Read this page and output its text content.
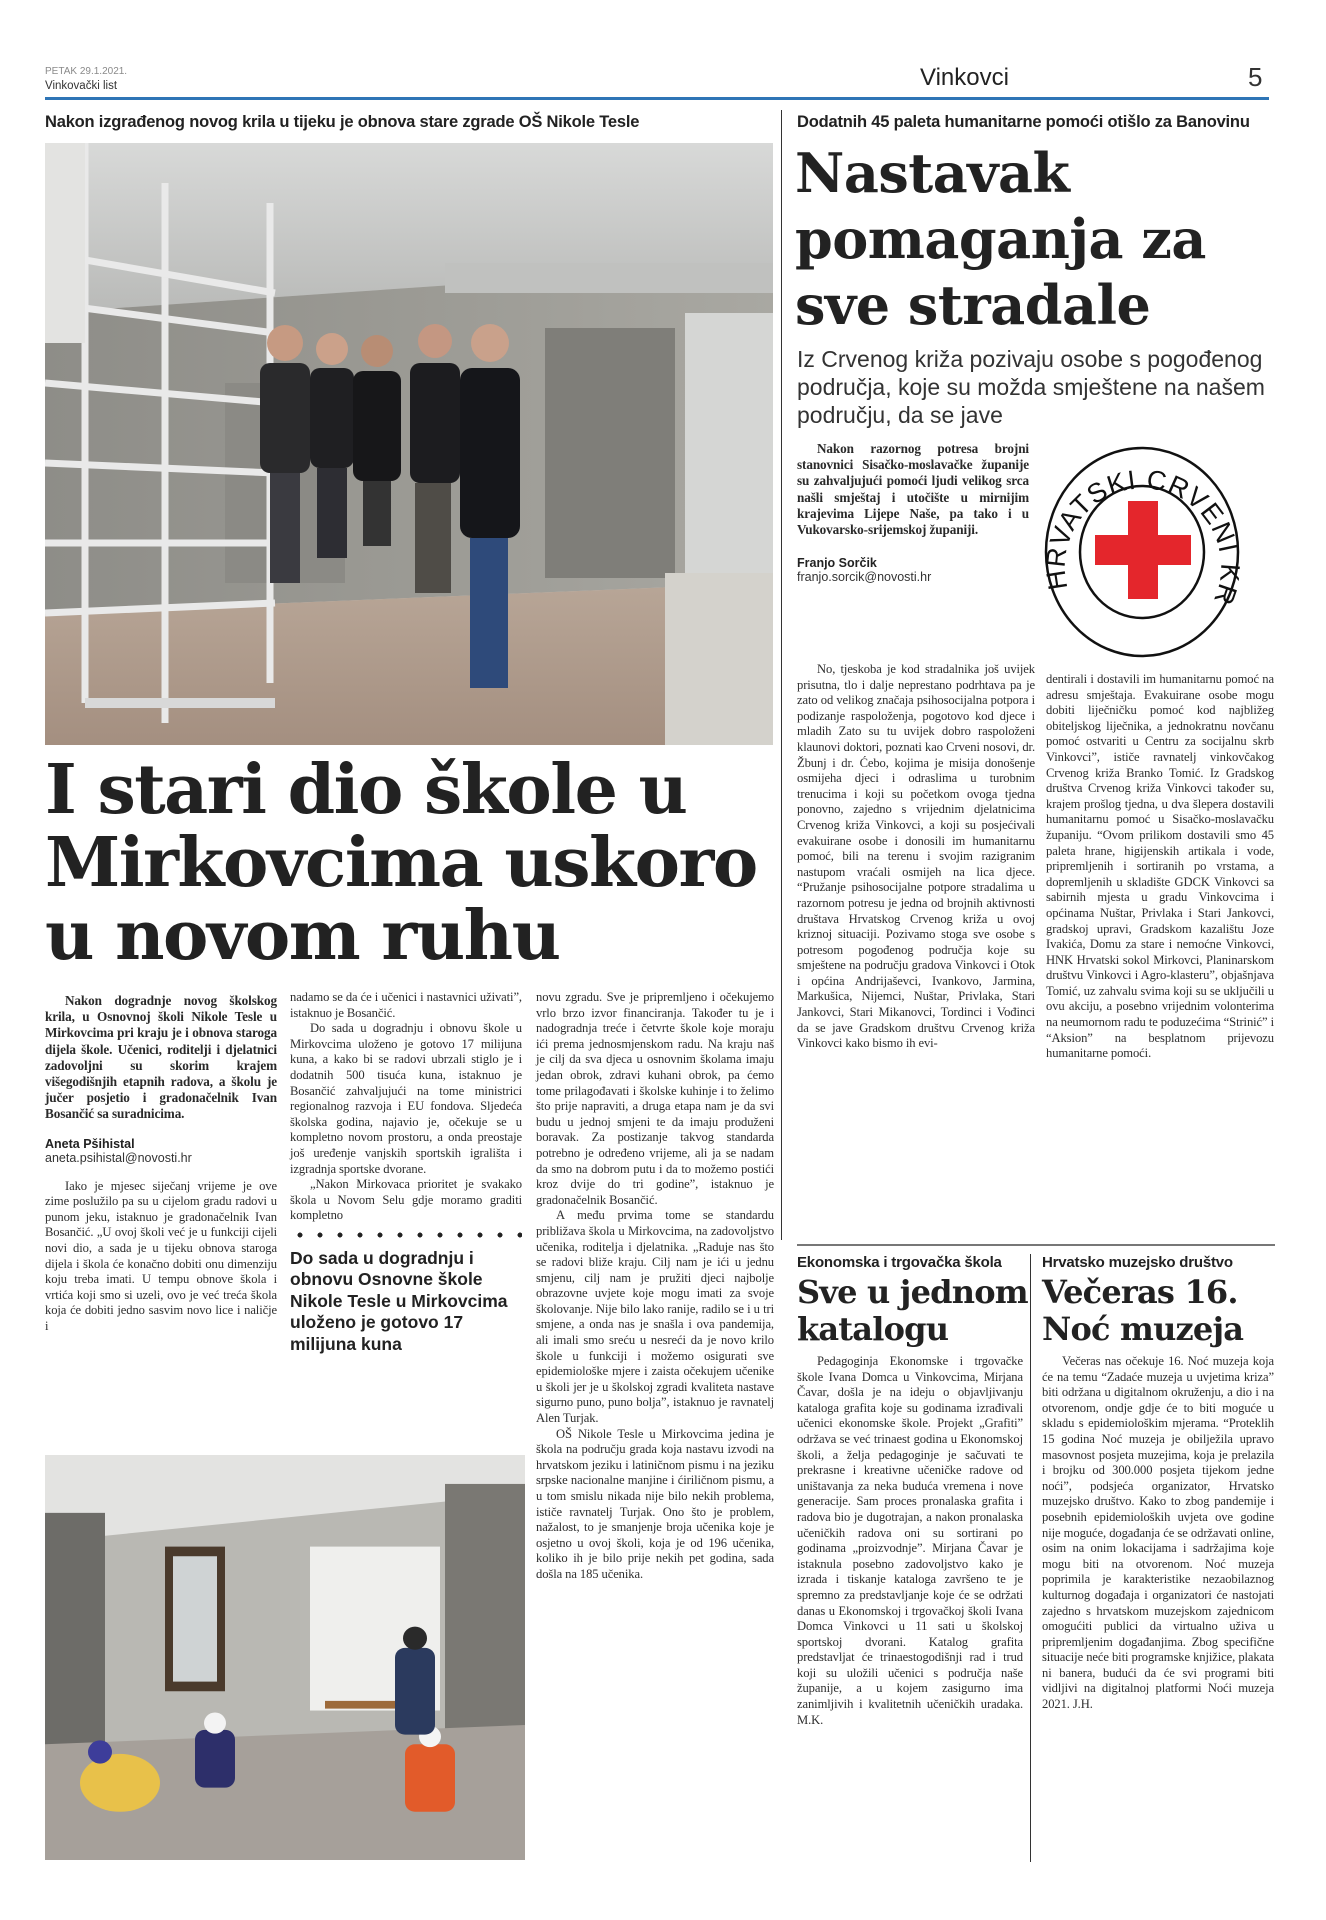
PETAK 29.1.2021.
Vinkovački list	Vinkovci	5
Nakon izgrađenog novog krila u tijeku je obnova stare zgrade OŠ Nikole Tesle
I stari dio škole u
Mirkovcima uskoro
u novom ruhu

Nakon dogradnje novog školskog krila, u Osnovnoj školi Nikole Tesle u Mirkovcima pri kraju je i obnova staroga dijela škole. Učenici, roditelji i djelatnici zadovoljni su skorim krajem višegodišnjih etapnih radova, a školu je jučer posjetio i gradonačelnik Ivan Bosančić sa suradnicima.

Aneta Pšihistal
aneta.psihistal@novosti.hr

Iako je mjesec siječanj vrijeme je ove zime poslužilo pa su u cijelom gradu radovi u punom jeku, istaknuo je gradonačelnik Ivan Bosančić. „U ovoj školi već je u funkciji cijeli novi dio, a sada je u tijeku obnova staroga dijela i škola će konačno dobiti onu dimenziju koju treba imati. U tempu obnove škola i vrtića koji smo si uzeli, ovo je već treća škola koja će dobiti jedno sasvim novo lice i naličje i

nadamo se da će i učenici i nastavnici uživati”, istaknuo je Bosančić.

Do sada u dogradnju i obnovu škole u Mirkovcima uloženo je gotovo 17 milijuna kuna, a kako bi se radovi ubrzali stiglo je i dodatnih 500 tisuća kuna, istaknuo je Bosančić zahvaljujući na tome ministrici regionalnog razvoja i EU fondova. Sljedeća školska godina, najavio je, očekuje se u kompletno novom prostoru, a onda preostaje još uređenje vanjskih sportskih igrališta i izgradnja sportske dvorane.

„Nakon Mirkovaca prioritet je svakako škola u Novom Selu gdje moramo graditi kompletno

Do sada u dogradnju i obnovu Osnovne škole Nikole Tesle u Mirkovcima uloženo je gotovo 17 milijuna kuna

novu zgradu. Sve je pripremljeno i očekujemo vrlo brzo izvor financiranja. Također tu je i nadogradnja treće i četvrte škole koje moraju ići prema jednosmjenskom radu. Na kraju naš je cilj da sva djeca u osnovnim školama imaju jedan obrok, zdravi kuhani obrok, pa ćemo tome prilagođavati i školske kuhinje i to želimo što prije napraviti, a druga etapa nam je da svi budu u jednoj smjeni te da imaju produženi boravak. Za postizanje takvog standarda potrebno je određeno vrijeme, ali ja se nadam da smo na dobrom putu i da to možemo postići kroz dvije do tri godine”, istaknuo je gradonačelnik Bosančić.

A među prvima tome se standardu približava škola u Mirkovcima, na zadovoljstvo učenika, roditelja i djelatnika. „Raduje nas što se radovi bliže kraju. Cilj nam je ići u jednu smjenu, cilj nam je pružiti djeci najbolje obrazovne uvjete koje mogu imati za svoje školovanje. Nije bilo lako ranije, radilo se i u tri smjene, a onda nas je snašla i ova pandemija, ali imali smo sreću u nesreći da je novo krilo škole u funkciji i možemo osigurati sve epidemiološke mjere i zaista očekujem učenike u školi jer je u školskoj zgradi kvaliteta nastave sigurno puno, puno bolja”, istaknuo je ravnatelj Alen Turjak.

OŠ Nikole Tesle u Mirkovcima jedina je škola na području grada koja nastavu izvodi na hrvatskom jeziku i latiničnom pismu i na jeziku srpske nacionalne manjine i ćiriličnom pismu, a u tom smislu nikada nije bilo nekih problema, ističe ravnatelj Turjak. Ono što je problem, nažalost, to je smanjenje broja učenika koje je osjetno u ovoj školi, koja je od 196 učenika, koliko ih je bilo prije nekih pet godina, sada došla na 185 učenika.

Dodatnih 45 paleta humanitarne pomoći otišlo za Banovinu
Nastavak
pomaganja za
sve stradale
Iz Crvenog križa pozivaju osobe s pogođenog područja, koje su možda smještene na našem području, da se jave

Nakon razornog potresa brojni stanovnici Sisačko-moslavačke županije su zahvaljujući pomoći ljudi velikog srca našli smještaj i utočište u mirnijim krajevima Lijepe Naše, pa tako i u Vukovarsko-srijemskoj županiji.

Franjo Sorčik
franjo.sorcik@novosti.hr	HRVATSKI CRVEN R

No, tjeskoba je kod stradalnika još uvijek prisutna, tlo i dalje neprestano podrhtava pa je zato od velikog značaja psihosocijalna potpora i podizanje raspoloženja, pogotovo kod djece i mladih Zato su tu uvijek dobro raspoloženi klaunovi doktori, poznati kao Crveni nosovi, dr. Žbunj i dr. Ćebo, kojima je misija donošenje osmijeha djeci i odraslima u turobnim trenucima i koji su početkom ovoga tjedna ponovno, zajedno s vrijednim djelatnicima Crvenog križa Vinkovci, a koji su posjećivali evakuirane osobe i donosili im humanitarnu pomoć, bili na terenu i svojim razigranim nastupom vraćali osmijeh na lica djece. “Pružanje psihosocijalne potpore stradalima u razornom potresu je jedna od brojnih aktivnosti društava Hrvatskog Crvenog križa u ovoj kriznoj situaciji. Pozivamo stoga sve osobe s potresom pogođenog područja koje su smještene na području gradova Vinkovci i Otok i općina Andrijaševci, Ivankovo, Jarmina, Markušica, Nijemci, Nuštar, Privlaka, Stari Jankovci, Stari Mikanovci, Tordinci i Vođinci da se jave Gradskom društvu Crvenog križa Vinkovci kako bismo ih evi-

dentirali i dostavili im humanitarnu pomoć na adresu smještaja. Evakuirane osobe mogu dobiti liječničku pomoć kod najbližeg obiteljskog liječnika, a jednokratnu novčanu pomoć ostvariti u Centru za socijalnu skrb Vinkovci”, ističe ravnatelj vinkovčakog Crvenog križa Branko Tomić. Iz Gradskog društva Crvenog križa Vinkovci također su, krajem prošlog tjedna, u dva šlepera dostavili humanitarnu pomoć u Sisačko-moslavačku županiju. “Ovom prilikom dostavili smo 45 paleta hrane, higijenskih artikala i vode, pripremljenih i sortiranih po vrstama, a dopremljenih u skladište GDCK Vinkovci sa sabirnih mjesta u gradu Vinkovcima i općinama Nuštar, Privlaka i Stari Jankovci, gradskoj upravi, Gradskom kazalištu Joze Ivakića, Domu za stare i nemoćne Vinkovci, HNK Hrvatski sokol Mirkovci, Planinarskom društvu Vinkovci i Agro-klasteru”, objašnjava Tomić, uz zahvalu svima koji su se uključili u ovu akciju, a posebno vrijednim volonterima na neumornom radu te poduzećima “Strinić” i “Aksion” na besplatnom prijevozu humanitarne pomoći.

Ekonomska i trgovačka škola
Sve u jednom
katalogu

Pedagoginja Ekonomske i trgovačke škole Ivana Domca u Vinkovcima, Mirjana Čavar, došla je na ideju o objavljivanju kataloga grafita koje su godinama izrađivali učenici ekonomske škole. Projekt „Grafiti” održava se već trinaest godina u Ekonomskoj školi, a želja pedagoginje je sačuvati te prekrasne i kreativne učeničke radove od uništavanja za neka buduća vremena i nove generacije. Sam proces pronalaska grafita i radova bio je dugotrajan, a nakon pronalaska učeničkih radova oni su sortirani po godinama „proizvodnje”. Mirjana Čavar je istaknula posebno zadovoljstvo kako je izrada i tiskanje kataloga završeno te je spremno za predstavljanje koje će se održati danas u Ekonomskoj i trgovačkoj školi Ivana Domca Vinkovci u 11 sati u školskoj sportskoj dvorani. Katalog grafita predstavljat će trinaestogodišnji rad i trud koji su uložili učenici s područja naše županije, a u kojem zasigurno ima zanimljivih i kvalitetnih učeničkih uradaka. M.K.

Hrvatsko muzejsko društvo
Večeras 16.
Noć muzeja

Večeras nas očekuje 16. Noć muzeja koja će na temu “Zadaće muzeja u uvjetima kriza” biti održana u digitalnom okruženju, a dio i na otvorenom, ondje gdje će to biti moguće u skladu s epidemiološkim mjerama. “Proteklih 15 godina Noć muzeja je obilježila upravo masovnost posjeta muzejima, koja je prelazila i brojku od 300.000 posjeta tijekom jedne noći”, podsjeća organizator, Hrvatsko muzejsko društvo. Kako to zbog pandemije i posebnih epidemioloških uvjeta ove godine nije moguće, događanja će se održavati online, osim na onim lokacijama i sadržajima koje mogu biti na otvorenom. Noć muzeja poprimila je karakteristike nezaobilaznog kulturnog događaja i organizatori će nastojati zajedno s hrvatskom muzejskom zajednicom omogućiti publici da virtualno uživa u pripremljenim događanjima. Zbog specifične situacije neće biti programske knjižice, plakata ni banera, budući da će svi programi biti vidljivi na digitalnoj platformi Noći muzeja 2021. J.H.
